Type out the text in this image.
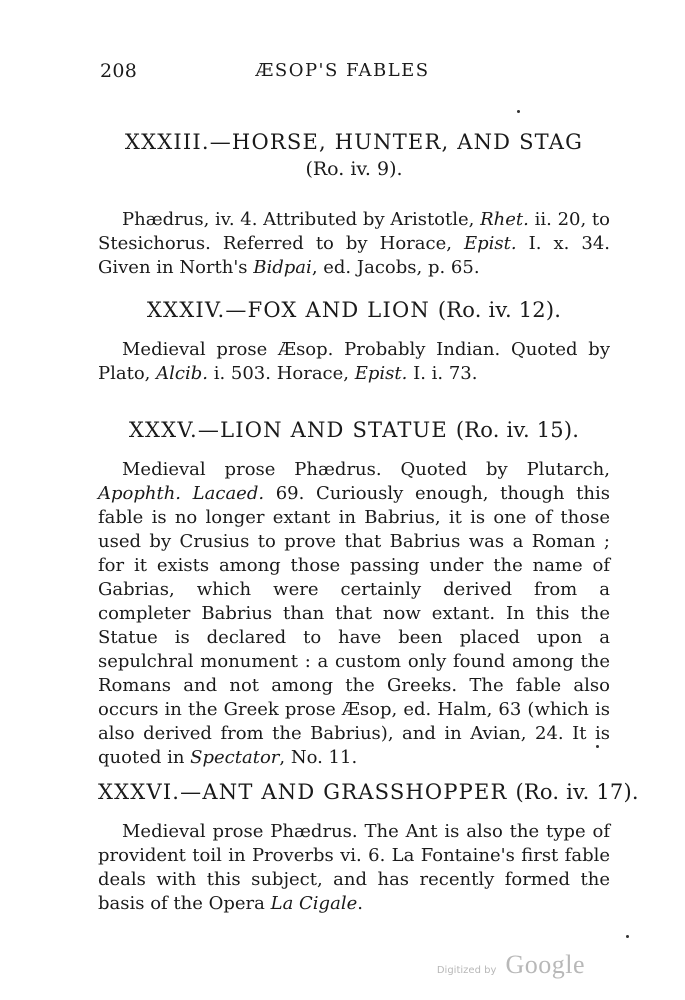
208	ÆSOP'S FABLES
XXXIII.—HORSE, HUNTER, AND STAG
(Ro. iv. 9).
Phædrus, iv. 4. Attributed by Aristotle, Rhet. ii. 20, to Stesichorus. Referred to by Horace, Epist. I. x. 34. Given in North's Bidpai, ed. Jacobs, p. 65.
XXXIV.—FOX AND LION (Ro. iv. 12).
Medieval prose Æsop. Probably Indian. Quoted by Plato, Alcib. i. 503. Horace, Epist. I. i. 73.
XXXV.—LION AND STATUE (Ro. iv. 15).
Medieval prose Phædrus. Quoted by Plutarch, Apophth. Lacaed. 69. Curiously enough, though this fable is no longer extant in Babrius, it is one of those used by Crusius to prove that Babrius was a Roman ; for it exists among those passing under the name of Gabrias, which were certainly derived from a completer Babrius than that now extant. In this the Statue is declared to have been placed upon a sepulchral monument : a custom only found among the Romans and not among the Greeks. The fable also occurs in the Greek prose Æsop, ed. Halm, 63 (which is also derived from the Babrius), and in Avian, 24. It is quoted in Spectator, No. 11.
XXXVI.—ANT AND GRASSHOPPER (Ro. iv. 17).
Medieval prose Phædrus. The Ant is also the type of provident toil in Proverbs vi. 6. La Fontaine's first fable deals with this subject, and has recently formed the basis of the Opera La Cigale.
Digitized by Google
